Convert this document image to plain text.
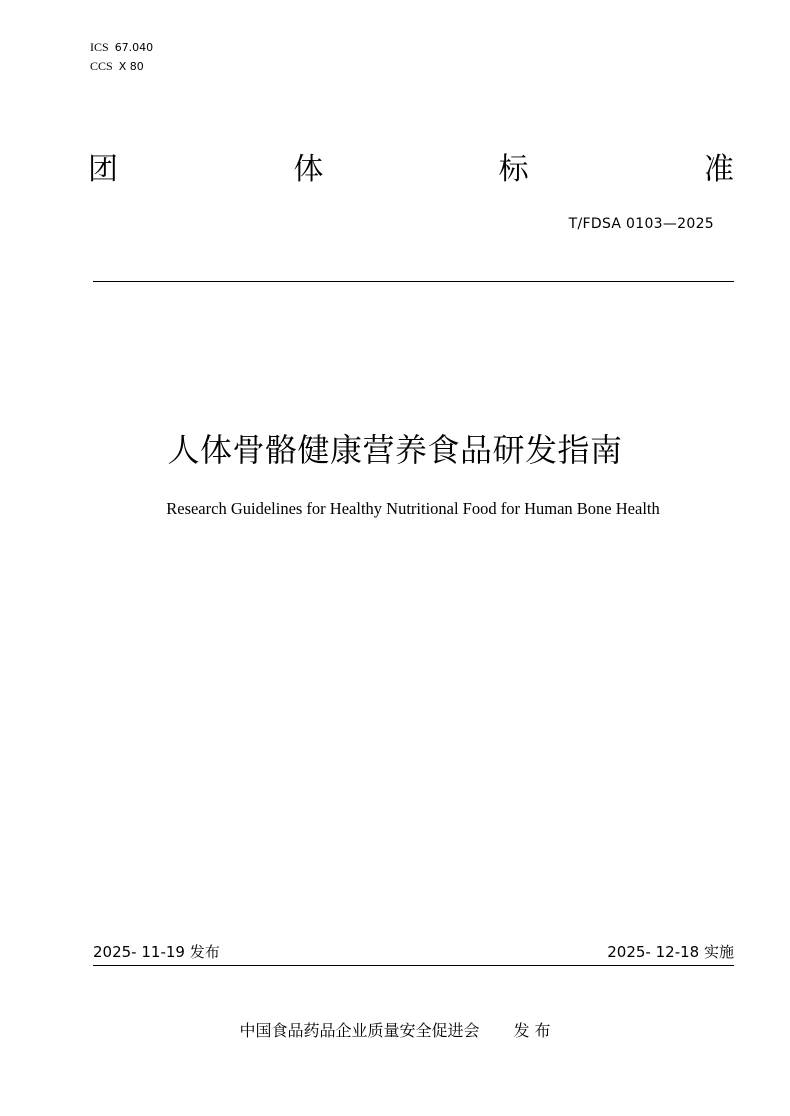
ICS 67.040
CCS X 80
团	体	标	准
T/FDSA 0103—2025
人体骨骼健康营养食品研发指南
Research Guidelines for Healthy Nutritional Food for Human Bone Health
2025- 11-19 发布	2025- 12-18 实施
中国食品药品企业质量安全促进会 发 布
